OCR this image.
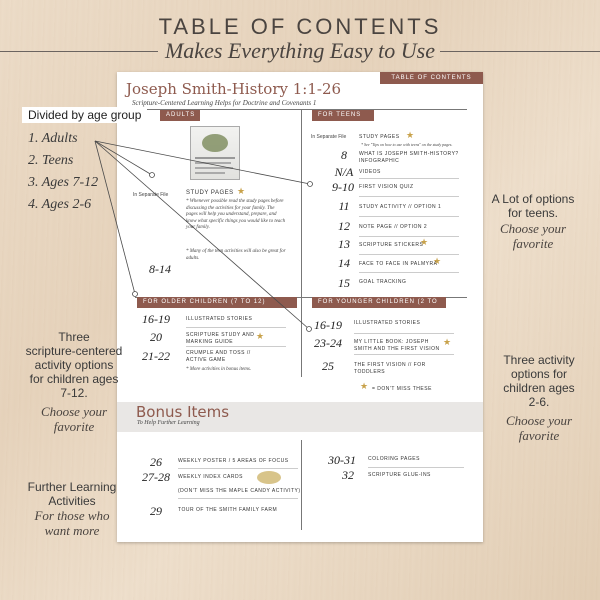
TABLE OF CONTENTS
Makes Everything Easy to Use
TABLE OF CONTENTS
Joseph Smith-History 1:1-26
Scripture-Centered Learning Helps for Doctrine and Covenants 1
ADULTS
In Separate File	STUDY PAGES ★
* Whenever possible read the study pages before discussing the activities for your family. The pages will help you understand, prepare, and know what specific things you would like to teach your family.
* Many of the teen activities will also be great for adults.
8-14
FOR TEENS
In Separate File	STUDY PAGES ★
* See "Tips on how to use with teens" on the study pages.
8	WHAT IS JOSEPH SMITH-HISTORY? INFOGRAPHIC
N/A	VIDEOS
9-10	FIRST VISION QUIZ
11	STUDY ACTIVITY // OPTION 1
12	NOTE PAGE // OPTION 2
13	SCRIPTURE STICKERS
★
14	FACE TO FACE IN PALMYRA
★
15	GOAL TRACKING
FOR OLDER CHILDREN (7 TO 12)
16-19	ILLUSTRATED STORIES
20	SCRIPTURE STUDY AND MARKING GUIDE
★
21-22	CRUMPLE AND TOSS // ACTIVE GAME
* More activities in bonus items.
FOR YOUNGER CHILDREN (2 TO 6)
16-19	ILLUSTRATED STORIES
23-24	MY LITTLE BOOK: JOSEPH SMITH AND THE FIRST VISION
★
25	THE FIRST VISION // FOR TODDLERS
★ = DON'T MISS THESE
Bonus Items
To Help Further Learning
26	WEEKLY POSTER / 5 AREAS OF FOCUS
27-28	WEEKLY INDEX CARDS
(DON'T MISS THE MAPLE CANDY ACTIVITY)
29	TOUR OF THE SMITH FAMILY FARM
30-31	COLORING PAGES
32	SCRIPTURE GLUE-INS
Divided by age group
1. Adults
2. Teens
3. Ages 7-12
4. Ages 2-6	A Lot of options
for teens.
Choose your
favorite
Three
scripture-centered
activity options
for children ages
7-12.
Choose your
favorite
Three activity
options for
children ages
2-6.
Choose your
favorite
Further Learning
Activities
For those who
want more
